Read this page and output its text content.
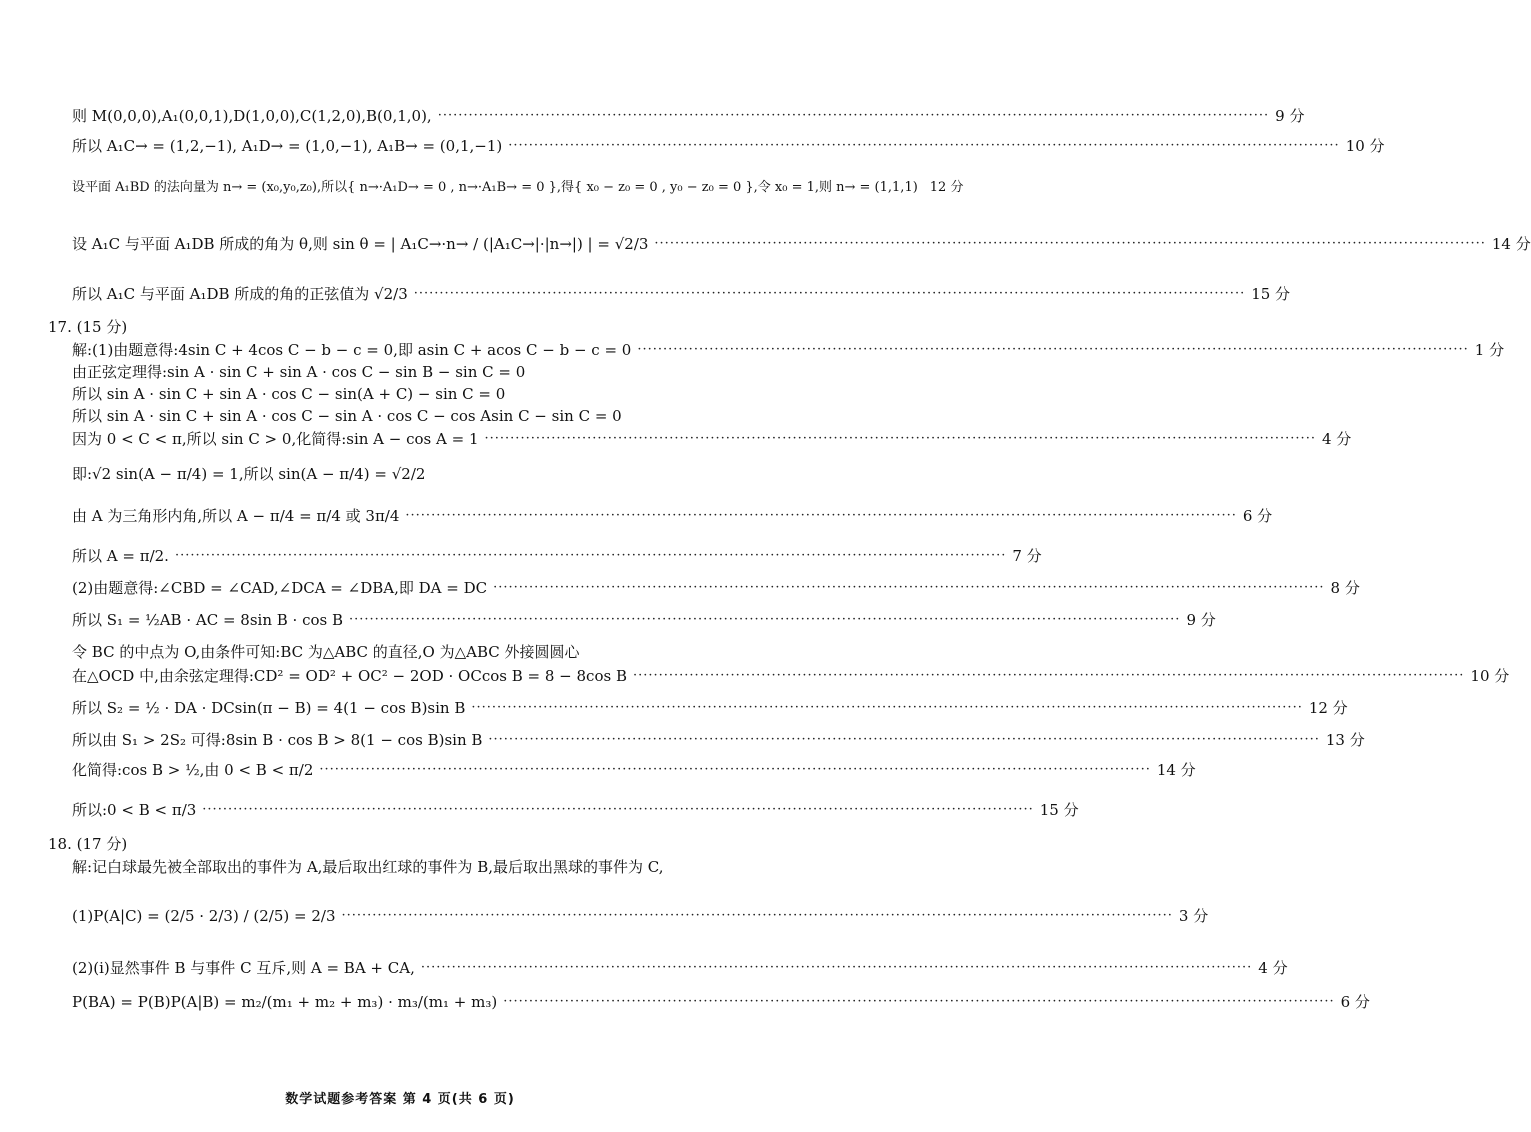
则 M(0,0,0),A₁(0,0,1),D(1,0,0),C(1,2,0),B(0,1,0), ·····	9 分
所以 A₁C→ = (1,2,−1), A₁D→ = (1,0,−1), A₁B→ = (0,1,−1) ·····	10 分
设平面 A₁BD 的法向量为 n→ = (x₀,y₀,z₀),所以{ n→·A₁D→ = 0 , n→·A₁B→ = 0 },得{ x₀ − z₀ = 0 , y₀ − z₀ = 0 },令 x₀ = 1,则 n→ = (1,1,1) 12 分
设 A₁C 与平面 A₁DB 所成的角为 θ,则 sin θ = | A₁C→·n→ / (|A₁C→|·|n→|) | = √2/3 ·····	14 分
所以 A₁C 与平面 A₁DB 所成的角的正弦值为 √2/3 ·····	15 分
17. (15 分)
解:(1)由题意得:4sin C + 4cos C − b − c = 0,即 asin C + acos C − b − c = 0 ·····	1 分
由正弦定理得:sin A · sin C + sin A · cos C − sin B − sin C = 0
所以 sin A · sin C + sin A · cos C − sin(A + C) − sin C = 0
所以 sin A · sin C + sin A · cos C − sin A · cos C − cos Asin C − sin C = 0
因为 0 < C < π,所以 sin C > 0,化简得:sin A − cos A = 1 ·····	4 分
即:√2 sin(A − π/4) = 1,所以 sin(A − π/4) = √2/2
由 A 为三角形内角,所以 A − π/4 = π/4 或 3π/4 ·····	6 分
所以 A = π/2. ·····	7 分
(2)由题意得:∠CBD = ∠CAD,∠DCA = ∠DBA,即 DA = DC ·····	8 分
所以 S₁ = ½AB · AC = 8sin B · cos B ·····	9 分
令 BC 的中点为 O,由条件可知:BC 为△ABC 的直径,O 为△ABC 外接圆圆心
在△OCD 中,由余弦定理得:CD² = OD² + OC² − 2OD · OCcos B = 8 − 8cos B ·····	10 分
所以 S₂ = ½ · DA · DCsin(π − B) = 4(1 − cos B)sin B ·····	12 分
所以由 S₁ > 2S₂ 可得:8sin B · cos B > 8(1 − cos B)sin B ·····	13 分
化简得:cos B > ½,由 0 < B < π/2 ·····	14 分
所以:0 < B < π/3 ·····	15 分
18. (17 分)
解:记白球最先被全部取出的事件为 A,最后取出红球的事件为 B,最后取出黑球的事件为 C,
(1)P(A|C) = (2/5 · 2/3) / (2/5) = 2/3 ·····	3 分
(2)(ⅰ)显然事件 B 与事件 C 互斥,则 A = BA + CA, ·····	4 分
P(BA) = P(B)P(A|B) = m₂/(m₁ + m₂ + m₃) · m₃/(m₁ + m₃) ·····	6 分
数学试题参考答案 第 4 页(共 6 页)
